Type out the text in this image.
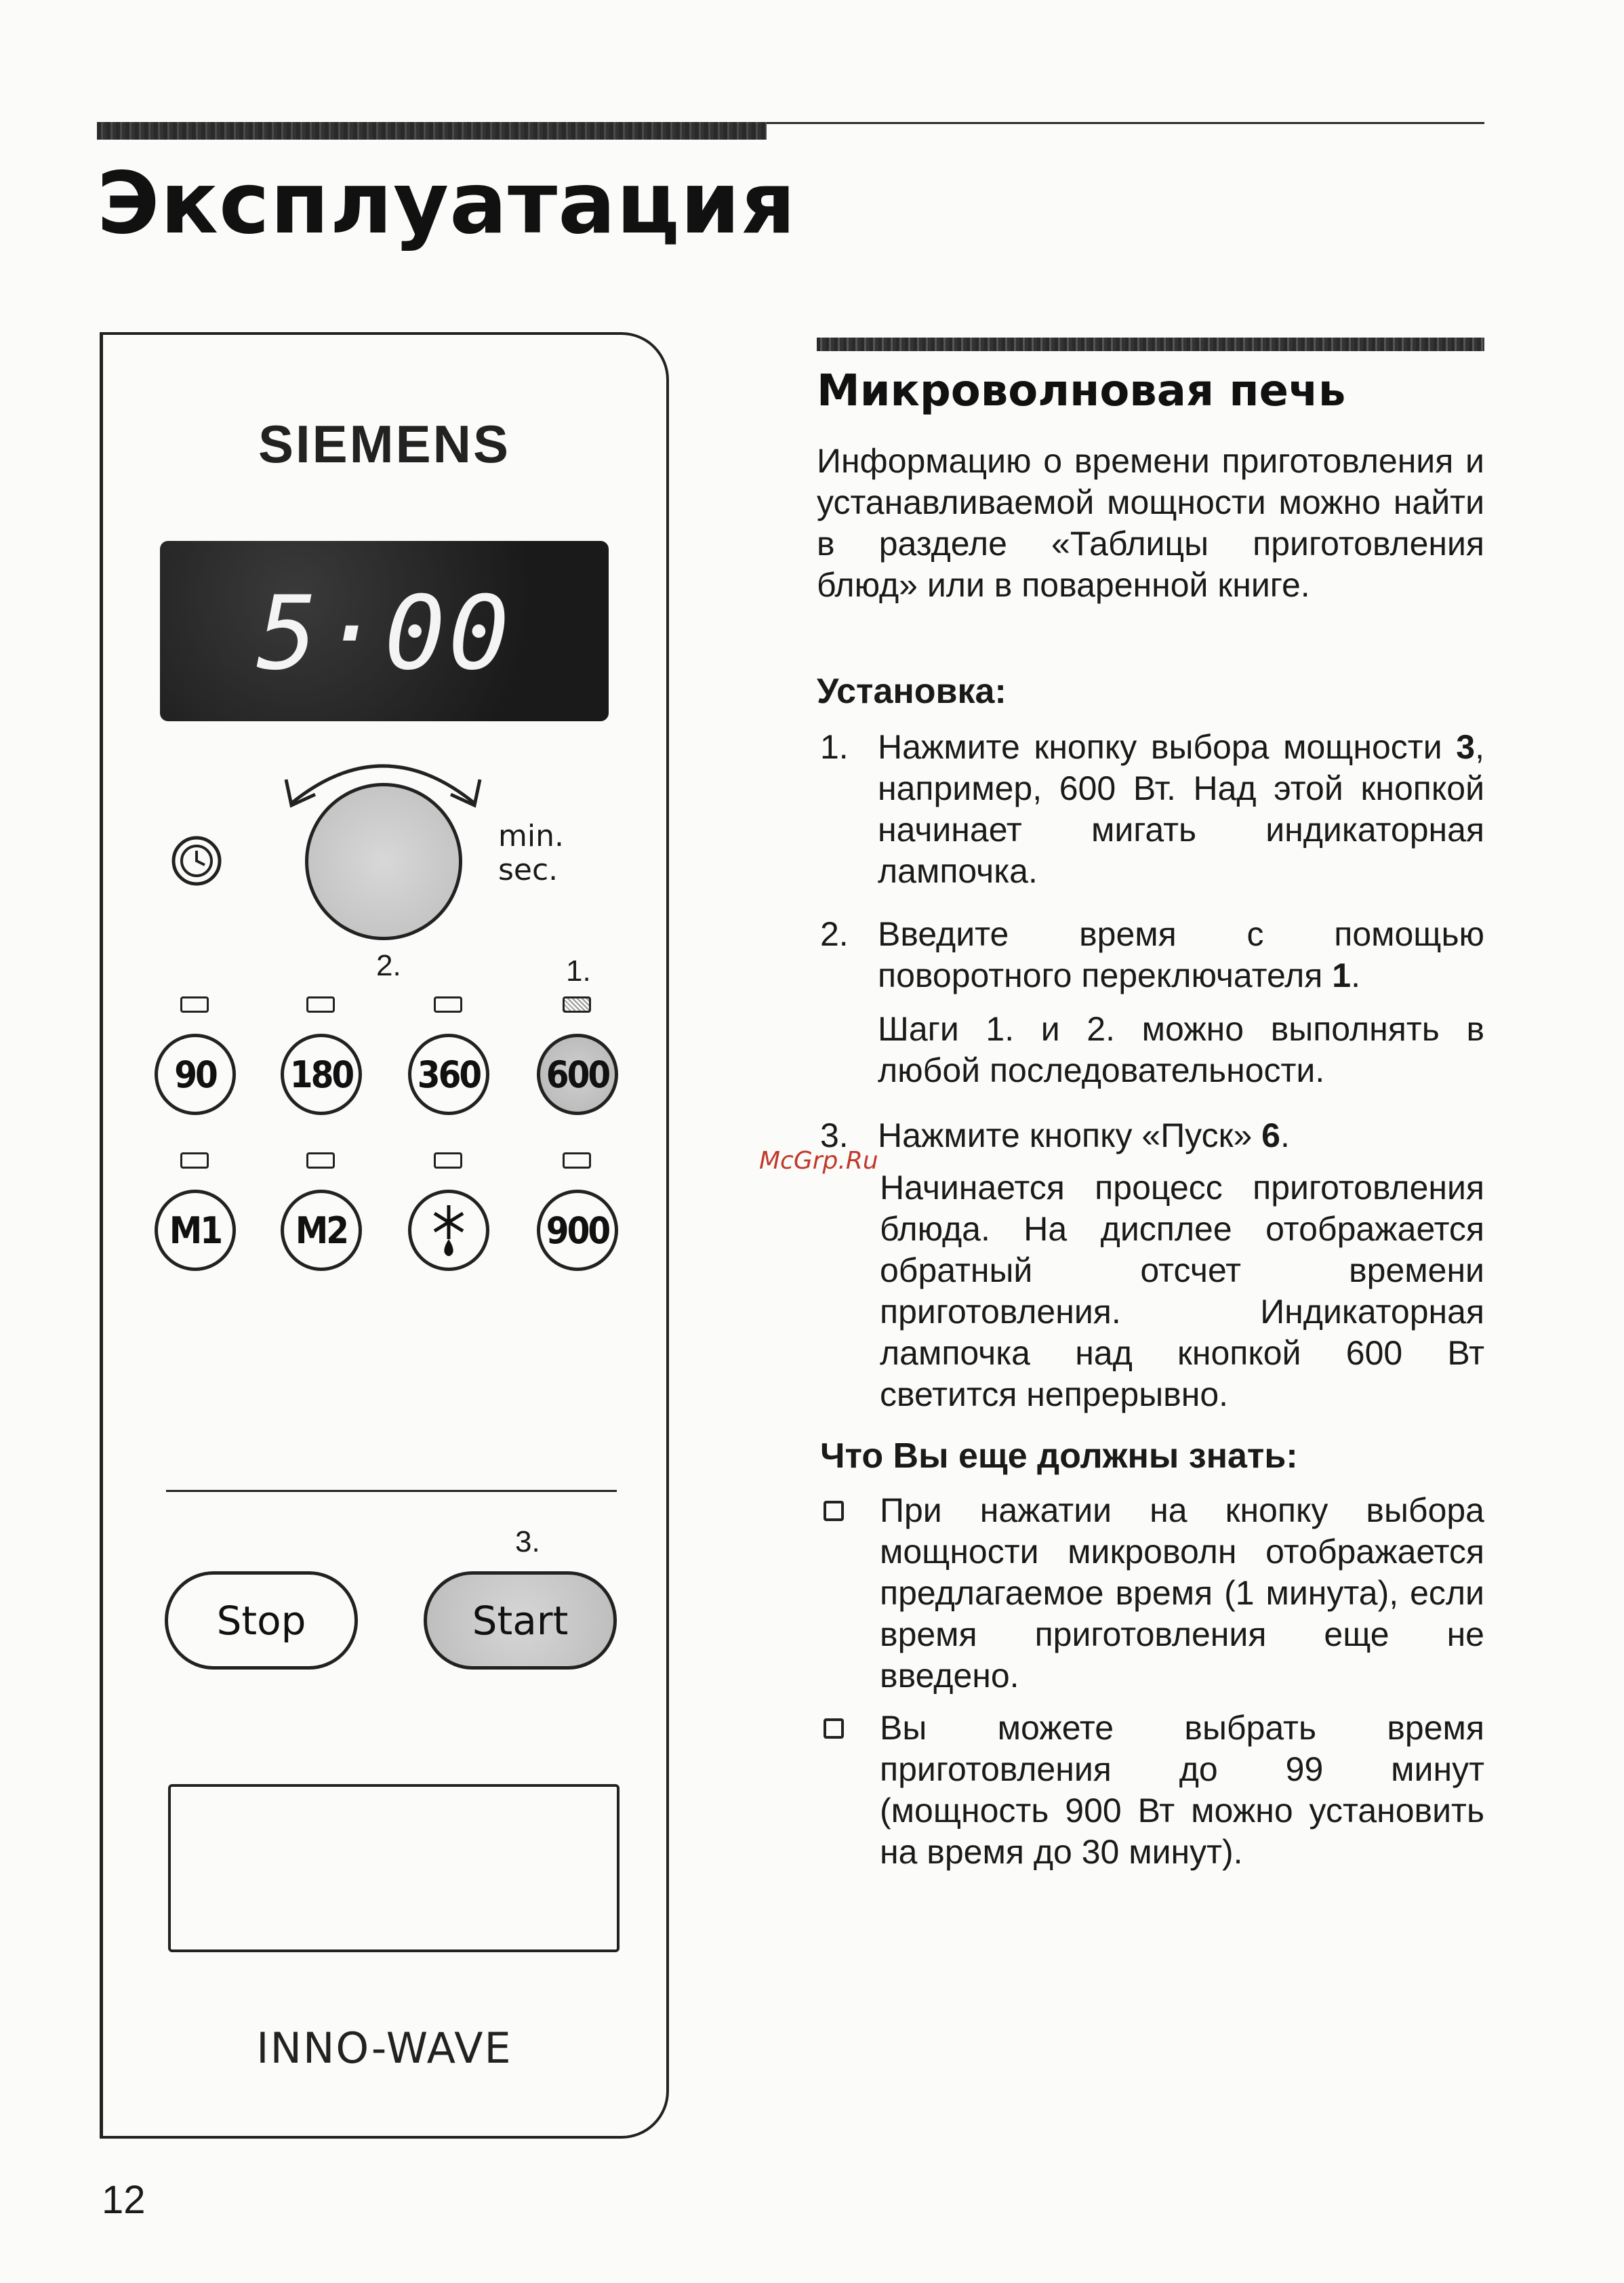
Эксплуатация
SIEMENS
5·00
min.
sec.
2.	1.
90	180 360 600
M1	M2	900
3.
Stop	Start
INNO-WAVE
12
Микроволновая печь
Информацию о времени приготовления и устанавливаемой мощности можно найти в разделе «Таблицы приготовления блюд» или в поваренной книге.
Установка:
1. Нажмите кнопку выбора мощности 3, например, 600 Вт. Над этой кнопкой начинает мигать индикаторная лампочка.
2. Введите время с помощью поворотного переключателя 1.
Шаги 1. и 2. можно выполнять в любой последовательности.
3. Нажмите кнопку «Пуск» 6.
McGrp.Ru
Начинается процесс приготовления блюда. На дисплее отображается обратный отсчет времени приготовления. Индикаторная лампочка над кнопкой 600 Вт светится непрерывно.
Что Вы еще должны знать:
При нажатии на кнопку выбора мощности микроволн отображается предлагаемое время (1 минута), если время приготовления еще не введено.
Вы можете выбрать время приготовления до 99 минут (мощность 900 Вт можно установить на время до 30 минут).
